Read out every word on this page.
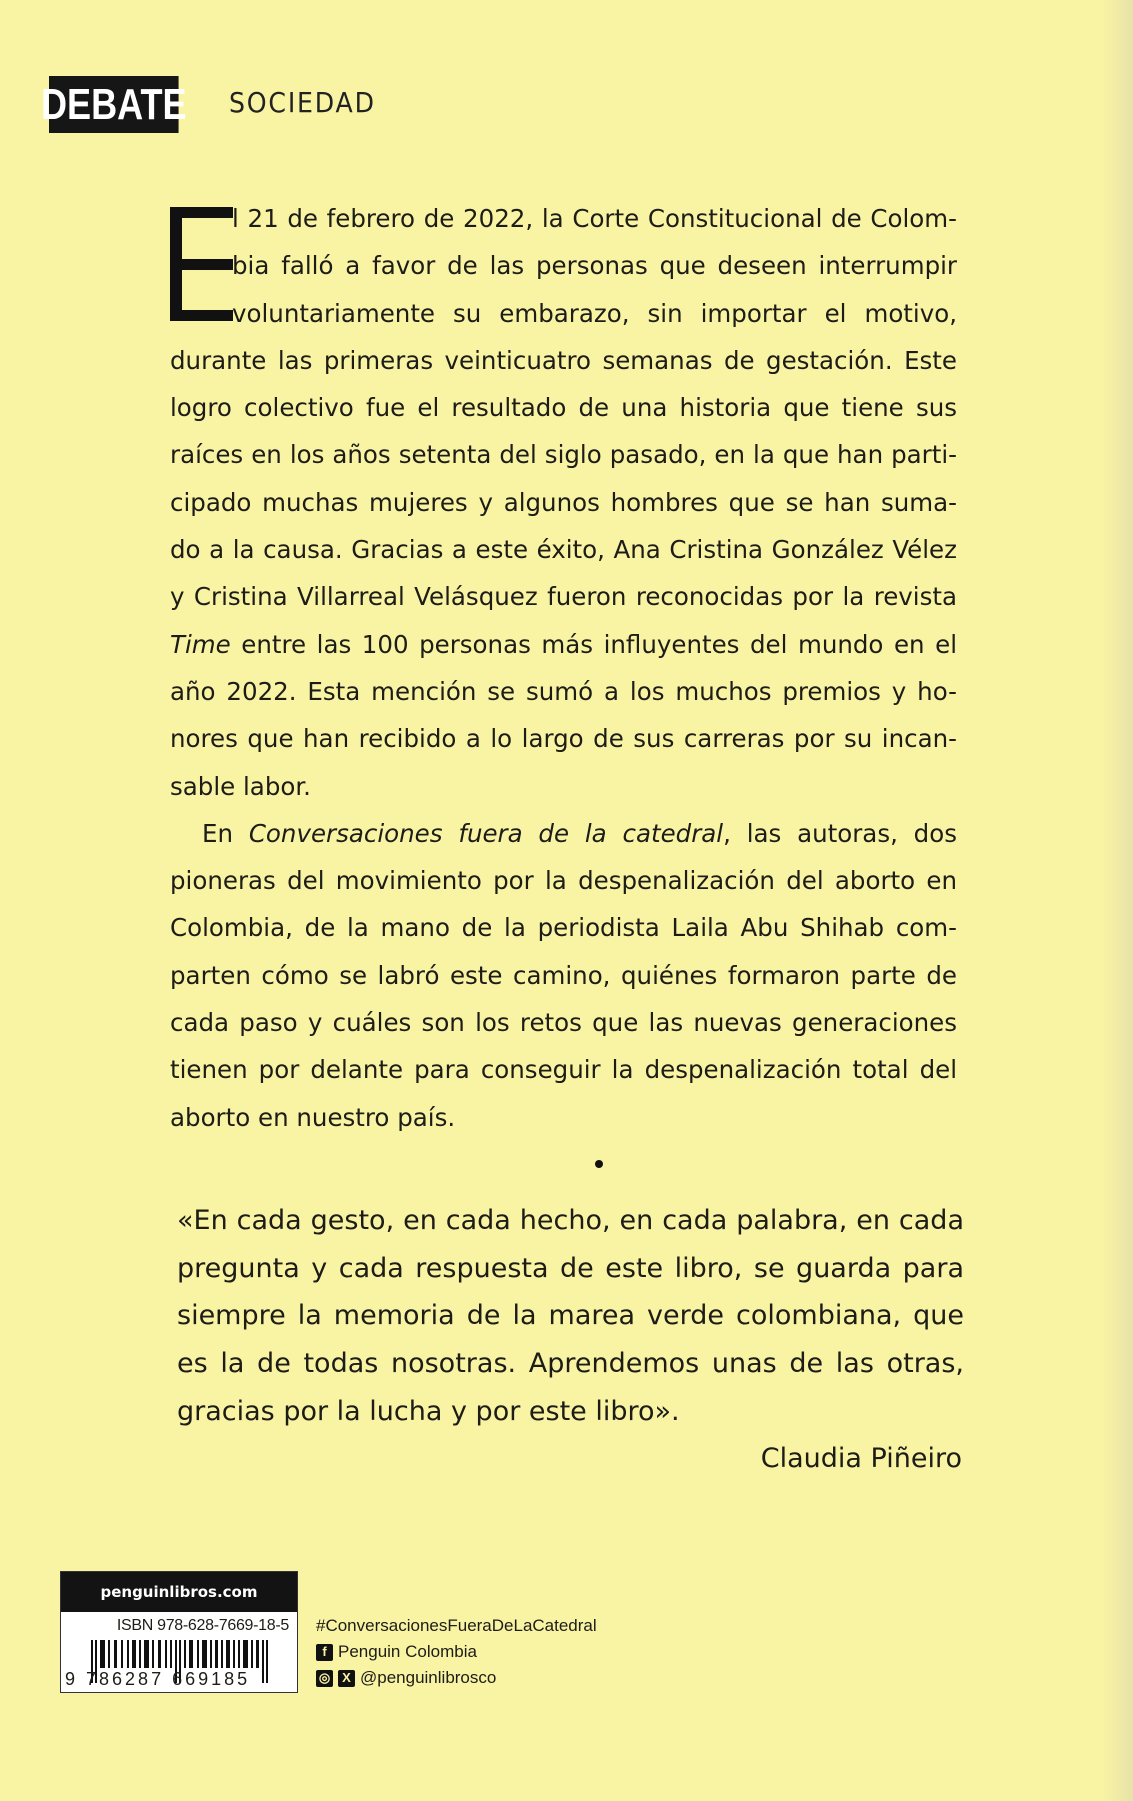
DEBATE SOCIEDAD
l 21 de febrero de 2022, la Corte Constitucional de Colom-
bia falló a favor de las personas que deseen interrumpir
voluntariamente su embarazo, sin importar el motivo,
durante las primeras veinticuatro semanas de gestación. Este
logro colectivo fue el resultado de una historia que tiene sus
raíces en los años setenta del siglo pasado, en la que han parti-
cipado muchas mujeres y algunos hombres que se han suma-
do a la causa. Gracias a este éxito, Ana Cristina González Vélez
y Cristina Villarreal Velásquez fueron reconocidas por la revista
Time entre las 100 personas más influyentes del mundo en el
año 2022. Esta mención se sumó a los muchos premios y ho-
nores que han recibido a lo largo de sus carreras por su incan-
sable labor.
En Conversaciones fuera de la catedral, las autoras, dos
pioneras del movimiento por la despenalización del aborto en
Colombia, de la mano de la periodista Laila Abu Shihab com-
parten cómo se labró este camino, quiénes formaron parte de
cada paso y cuáles son los retos que las nuevas generaciones
tienen por delante para conseguir la despenalización total del
aborto en nuestro país.
«En cada gesto, en cada hecho, en cada palabra, en cada
pregunta y cada respuesta de este libro, se guarda para
siempre la memoria de la marea verde colombiana, que
es la de todas nosotras. Aprendemos unas de las otras,
gracias por la lucha y por este libro».
Claudia Piñeiro
penguinlibros.com
ISBN 978-628-7669-18-5
9 786287 669185
#ConversacionesFueraDeLaCatedral
f Penguin Colombia
◎ X @penguinlibrosco
